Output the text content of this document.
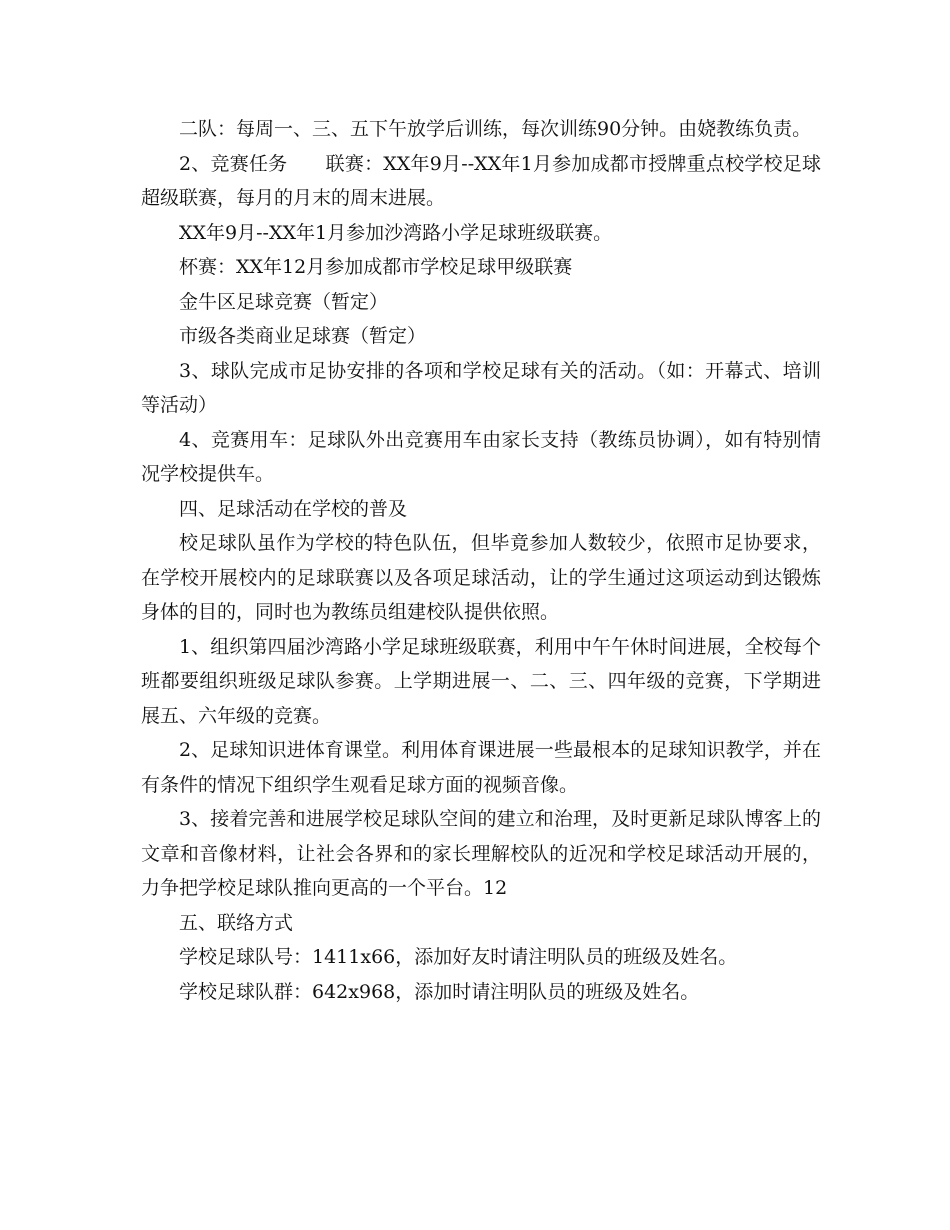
二队：每周一、三、五下午放学后训练，每次训练90分钟。由娆教练负责。

2、竞赛任务 联赛：XX年9月--XX年1月参加成都市授牌重点校学校足球超级联赛，每月的月末的周末进展。

XX年9月--XX年1月参加沙湾路小学足球班级联赛。

杯赛：XX年12月参加成都市学校足球甲级联赛

金牛区足球竞赛（暂定）

市级各类商业足球赛（暂定）

3、球队完成市足协安排的各项和学校足球有关的活动。（如：开幕式、培训等活动）

4、竞赛用车：足球队外出竞赛用车由家长支持（教练员协调），如有特别情况学校提供车。

四、足球活动在学校的普及

校足球队虽作为学校的特色队伍，但毕竟参加人数较少，依照市足协要求，在学校开展校内的足球联赛以及各项足球活动，让的学生通过这项运动到达锻炼身体的目的，同时也为教练员组建校队提供依照。

1、组织第四届沙湾路小学足球班级联赛，利用中午午休时间进展，全校每个班都要组织班级足球队参赛。上学期进展一、二、三、四年级的竞赛，下学期进展五、六年级的竞赛。

2、足球知识进体育课堂。利用体育课进展一些最根本的足球知识教学，并在有条件的情况下组织学生观看足球方面的视频音像。

3、接着完善和进展学校足球队空间的建立和治理，及时更新足球队博客上的文章和音像材料，让社会各界和的家长理解校队的近况和学校足球活动开展的，力争把学校足球队推向更高的一个平台。12

五、联络方式

学校足球队号：1411x66，添加好友时请注明队员的班级及姓名。

学校足球队群：642x968，添加时请注明队员的班级及姓名。
